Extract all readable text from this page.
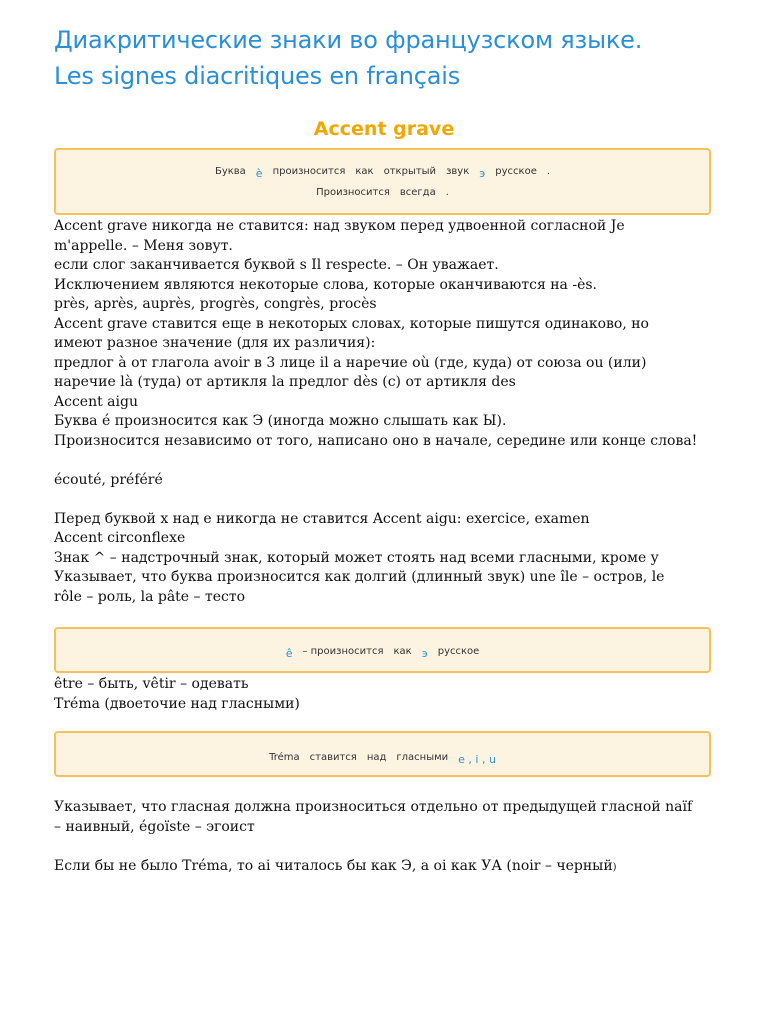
Диакритические знаки во французском языке.
Les signes diacritiques en français
Accent grave
Буква è произносится как открытый звук э русское .
Произносится всегда .

Accent grave никогда не ставится: над звуком перед удвоенной согласной Je

m'appelle. – Меня зовут.

если слог заканчивается буквой s Il respecte. – Он уважает.

Исключением являются некоторые слова, которые оканчиваются на -ès.

près, après, auprès, progrès, congrès, procès

Accent grave ставится еще в некоторых словах, которые пишутся одинаково, но

имеют разное значение (для их различия):

предлог à от глагола avoir в 3 лице il a наречие où (где, куда) от союза ou (или)

наречие là (туда) от артикля la предлог dès (с) от артикля des

Accent aigu

Буква é произносится как Э (иногда можно слышать как Ы).

Произносится независимо от того, написано оно в начале, середине или конце слова!

écouté, préféré

Перед буквой x над e никогда не ставится Accent aigu: exercice, examen

Accent circonflexe

Знак ^ – надстрочный знак, который может стоять над всеми гласными, кроме y

Указывает, что буква произносится как долгий (длинный звук) une île – остров, le

rôle – роль, la pâte – тесто

ê – произносится как э русское

être – быть, vêtir – одевать

Tréma (двоеточие над гласными)

Tréma ставится над гласными e , i , u

Указывает, что гласная должна произноситься отдельно от предыдущей гласной naïf

– наивный, égoïste – эгоист

Если бы не было Tréma, то ai читалось бы как Э, а oi как УА (noir – черный)
